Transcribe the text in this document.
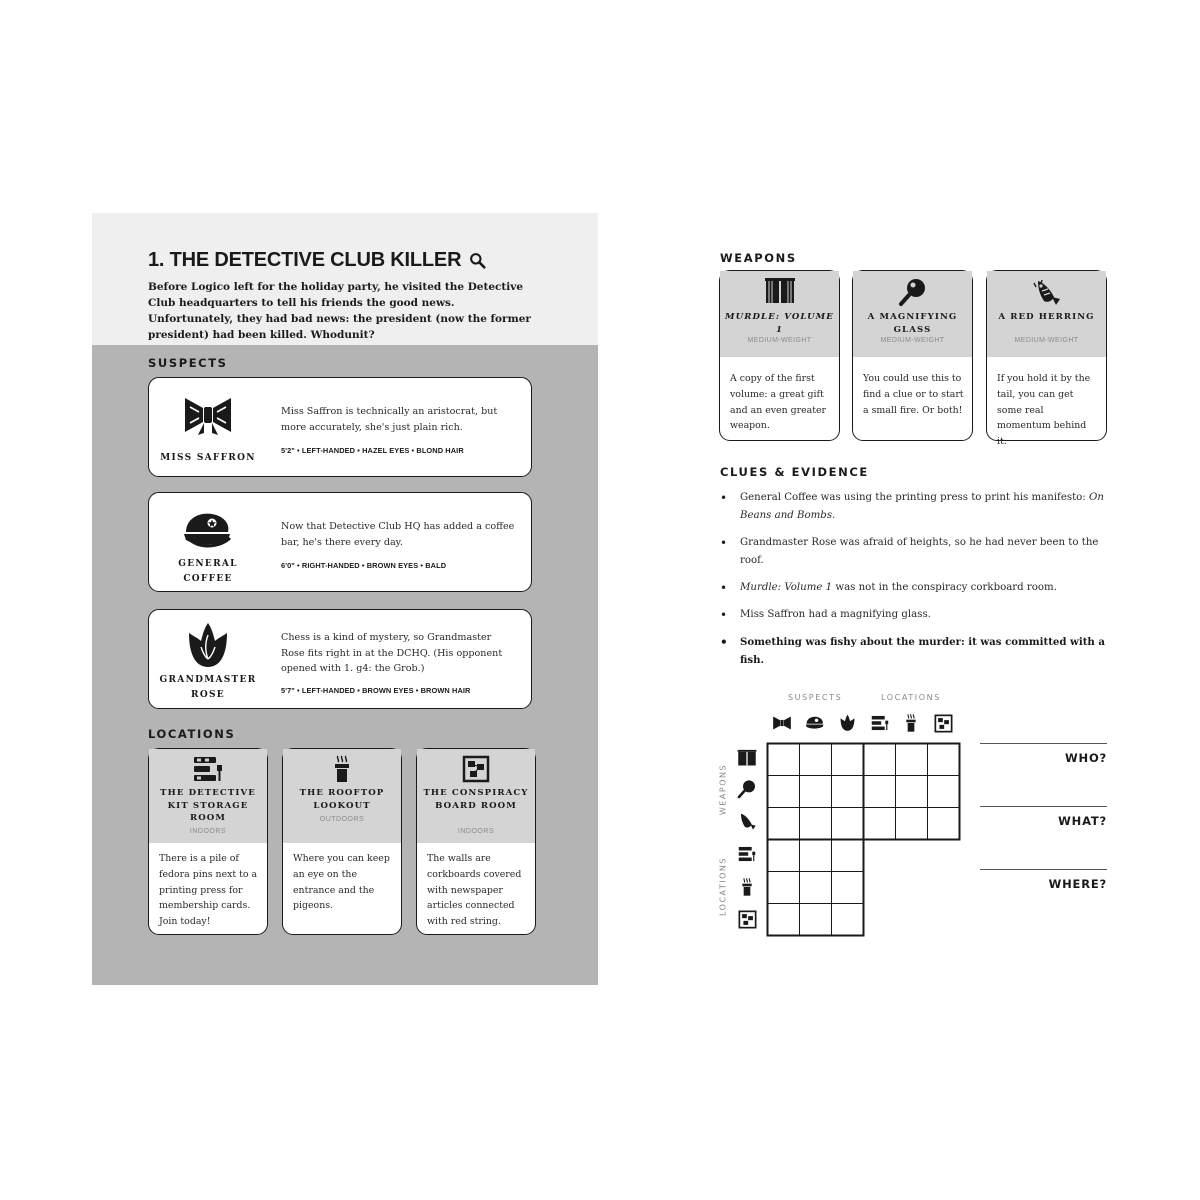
1. THE DETECTIVE CLUB KILLER

Before Logico left for the holiday party, he visited the Detective Club headquarters to tell his friends the good news. Unfortunately, they had bad news: the president (now the former president) had been killed. Whodunit?

SUSPECTS
MISS SAFFRON

Miss Saffron is technically an aristocrat, but more accurately, she's just plain rich.

5'2" • LEFT-HANDED • HAZEL EYES • BLOND HAIR
GENERAL COFFEE

Now that Detective Club HQ has added a coffee bar, he's there every day.

6'0" • RIGHT-HANDED • BROWN EYES • BALD
GRANDMASTER ROSE

Chess is a kind of mystery, so Grandmaster Rose fits right in at the DCHQ. (His opponent opened with 1. g4: the Grob.)

5'7" • LEFT-HANDED • BROWN EYES • BROWN HAIR
LOCATIONS
THE DETECTIVE KIT STORAGE ROOM
INDOORS

There is a pile of fedora pins next to a printing press for membership cards. Join today!

THE ROOFTOP LOOKOUT
OUTDOORS

Where you can keep an eye on the entrance and the pigeons.

THE CONSPIRACY BOARD ROOM
INDOORS

The walls are corkboards covered with newspaper articles connected with red string.

WEAPONS
MURDLE: VOLUME 1
MEDIUM-WEIGHT

A copy of the first volume: a great gift and an even greater weapon.

A MAGNIFYING GLASS
MEDIUM-WEIGHT

You could use this to find a clue or to start a small fire. Or both!

A RED HERRING
MEDIUM-WEIGHT

If you hold it by the tail, you can get some real momentum behind it.

CLUES & EVIDENCE
• General Coffee was using the printing press to print his manifesto: On Beans and Bombs.
• Grandmaster Rose was afraid of heights, so he had never been to the roof.
• Murdle: Volume 1 was not in the conspiracy corkboard room.
• Miss Saffron had a magnifying glass.
• Something was fishy about the murder: it was committed with a fish.
SUSPECTS	LOCATIONS
WEAPONS
LOCATIONS
WHO?
WHAT?
WHERE?
